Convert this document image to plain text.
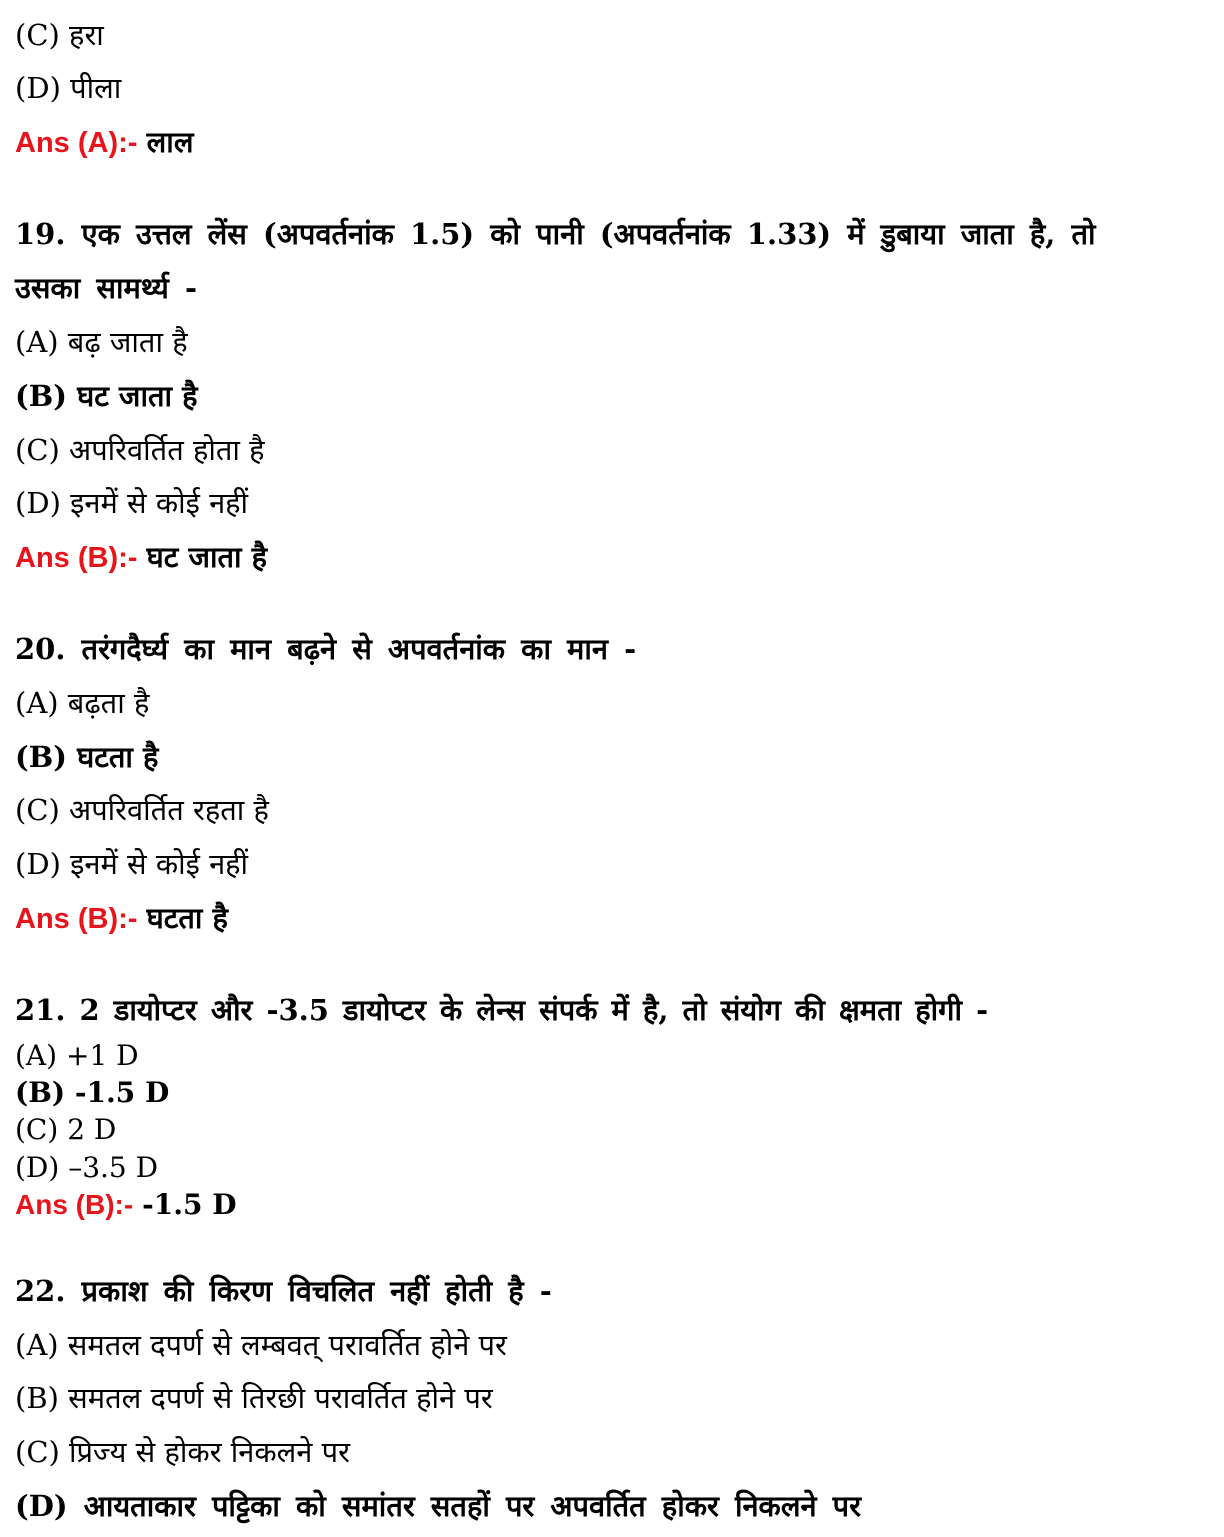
(C) हरा
(D) पीला
Ans (A):- लाल
19. एक उत्तल लेंस (अपवर्तनांक 1.5) को पानी (अपवर्तनांक 1.33) में डुबाया जाता है, तो
उसका सामर्थ्य -
(A) बढ़ जाता है
(B) घट जाता है
(C) अपरिवर्तित होता है
(D) इनमें से कोई नहीं
Ans (B):- घट जाता है
20. तरंगदैर्घ्य का मान बढ़ने से अपवर्तनांक का मान -
(A) बढ़ता है
(B) घटता है
(C) अपरिवर्तित रहता है
(D) इनमें से कोई नहीं
Ans (B):- घटता है
21. 2 डायोप्टर और -3.5 डायोप्टर के लेन्स संपर्क में है, तो संयोग की क्षमता होगी -
(A) +1 D
(B) -1.5 D
(C) 2 D
(D) –3.5 D
Ans (B):- -1.5 D
22. प्रकाश की किरण विचलित नहीं होती है -
(A) समतल दपर्ण से लम्बवत् परावर्तित होने पर
(B) समतल दपर्ण से तिरछी परावर्तित होने पर
(C) प्रिज्य से होकर निकलने पर
(D) आयताकार पट्टिका को समांतर सतहों पर अपवर्तित होकर निकलने पर
